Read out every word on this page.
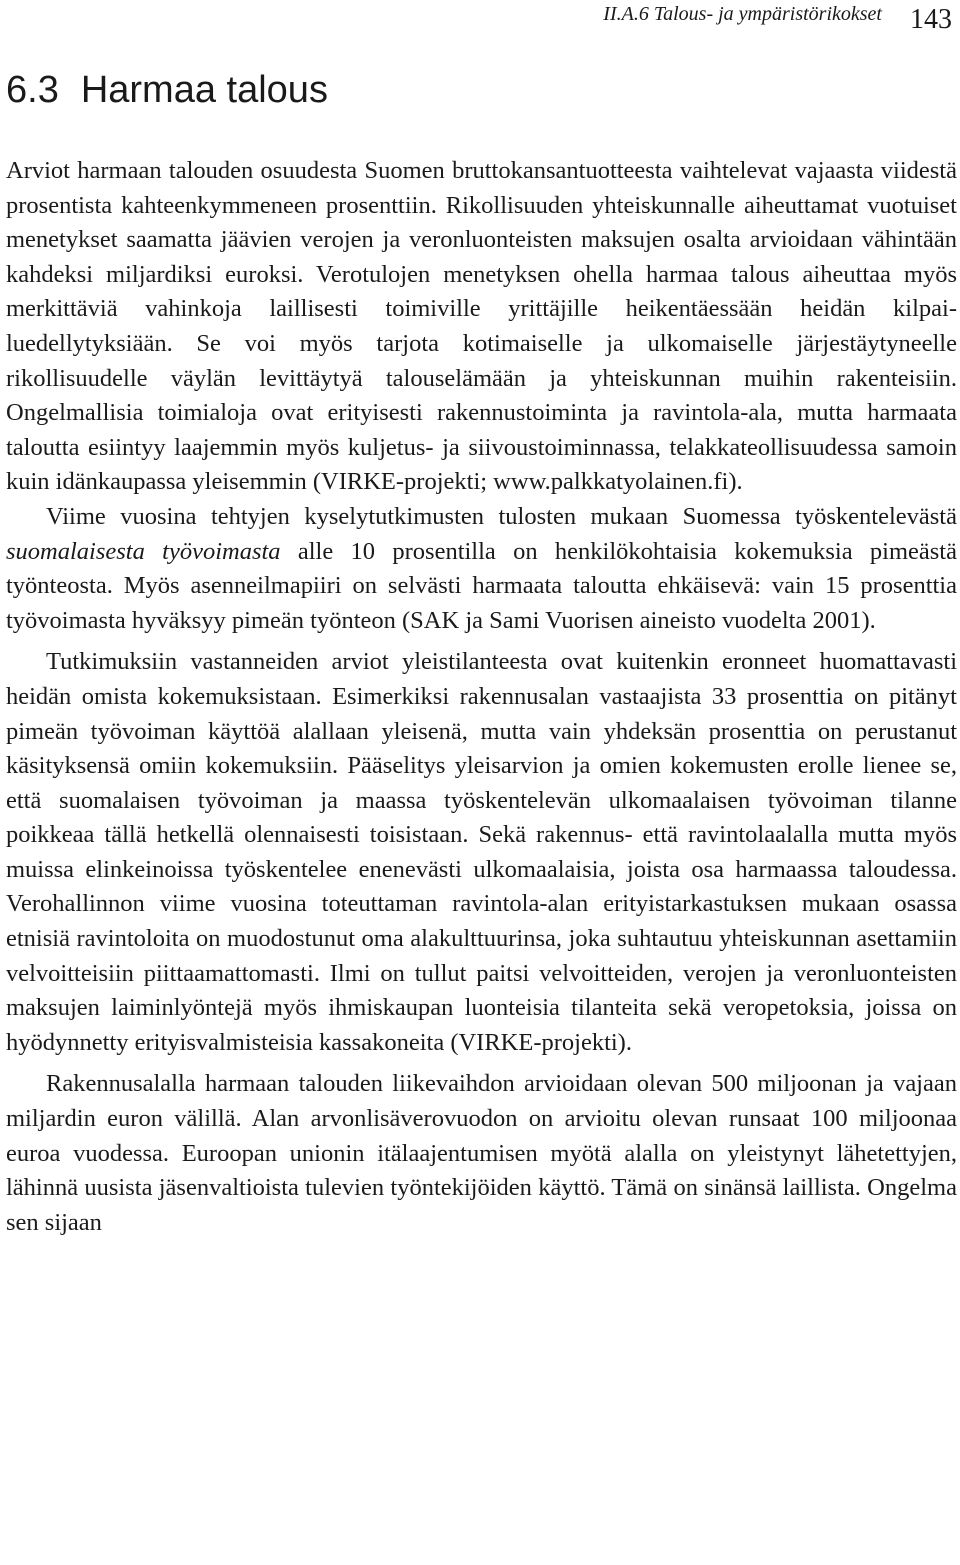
II.A.6 Talous- ja ympäristörikokset 143
6.3 Harmaa talous

Arviot harmaan talouden osuudesta Suomen bruttokansantuotteesta vaihtelevat vajaasta viidestä prosentista kahteenkymmeneen prosenttiin. Rikollisuuden yhteiskunnalle aiheuttamat vuotuiset menetykset saamatta jäävien verojen ja veronluonteisten maksujen osalta arvioidaan vähintään kahdeksi miljardiksi euroksi. Verotulojen menetyksen ohella harmaa talous aiheuttaa myös merkittäviä vahinkoja laillisesti toimiville yrittäjille heikentäessään heidän kilpailuedellytyksiään. Se voi myös tarjota kotimaiselle ja ulkomaiselle järjestäytyneelle rikollisuudelle väylän levittäytyä talouselämään ja yhteiskunnan muihin rakenteisiin. Ongelmallisia toimialoja ovat erityisesti rakennustoiminta ja ravintola-ala, mutta harmaata taloutta esiintyy laajemmin myös kuljetus- ja siivoustoiminnassa, telakkateollisuudessa samoin kuin idänkaupassa yleisemmin (VIRKE-projekti; www.palkkatyolainen.fi).

Viime vuosina tehtyjen kyselytutkimusten tulosten mukaan Suomessa työskentelevästä suomalaisesta työvoimasta alle 10 prosentilla on henkilökohtaisia kokemuksia pimeästä työnteosta. Myös asenneilmapiiri on selvästi harmaata taloutta ehkäisevä: vain 15 prosenttia työvoimasta hyväksyy pimeän työnteon (SAK ja Sami Vuorisen aineisto vuodelta 2001).

Tutkimuksiin vastanneiden arviot yleistilanteesta ovat kuitenkin eronneet huomattavasti heidän omista kokemuksistaan. Esimerkiksi rakennusalan vastaajista 33 prosenttia on pitänyt pimeän työvoiman käyttöä alallaan yleisenä, mutta vain yhdeksän prosenttia on perustanut käsityksensä omiin kokemuksiin. Pääselitys yleisarvion ja omien kokemusten erolle lienee se, että suomalaisen työvoiman ja maassa työskentelevän ulkomaalaisen työvoiman tilanne poikkeaa tällä hetkellä olennaisesti toisistaan. Sekä rakennus- että ravintolaalalla mutta myös muissa elinkeinoissa työskentelee enenevästi ulkomaalaisia, joista osa harmaassa taloudessa. Verohallinnon viime vuosina toteuttaman ravintola-alan erityistarkastuksen mukaan osassa etnisiä ravintoloita on muodostunut oma alakulttuurinsa, joka suhtautuu yhteiskunnan asettamiin velvoitteisiin piittaamattomasti. Ilmi on tullut paitsi velvoitteiden, verojen ja veronluonteisten maksujen laiminlyöntejä myös ihmiskaupan luonteisia tilanteita sekä veropetoksia, joissa on hyödynnetty erityisvalmisteisia kassakoneita (VIRKE-projekti).

Rakennusalalla harmaan talouden liikevaihdon arvioidaan olevan 500 miljoonan ja vajaan miljardin euron välillä. Alan arvonlisäverovuodon on arvioitu olevan runsaat 100 miljoonaa euroa vuodessa. Euroopan unionin itälaajentumisen myötä alalla on yleistynyt lähetettyjen, lähinnä uusista jäsenvaltioista tulevien työntekijöiden käyttö. Tämä on sinänsä laillista. Ongelma sen sijaan
